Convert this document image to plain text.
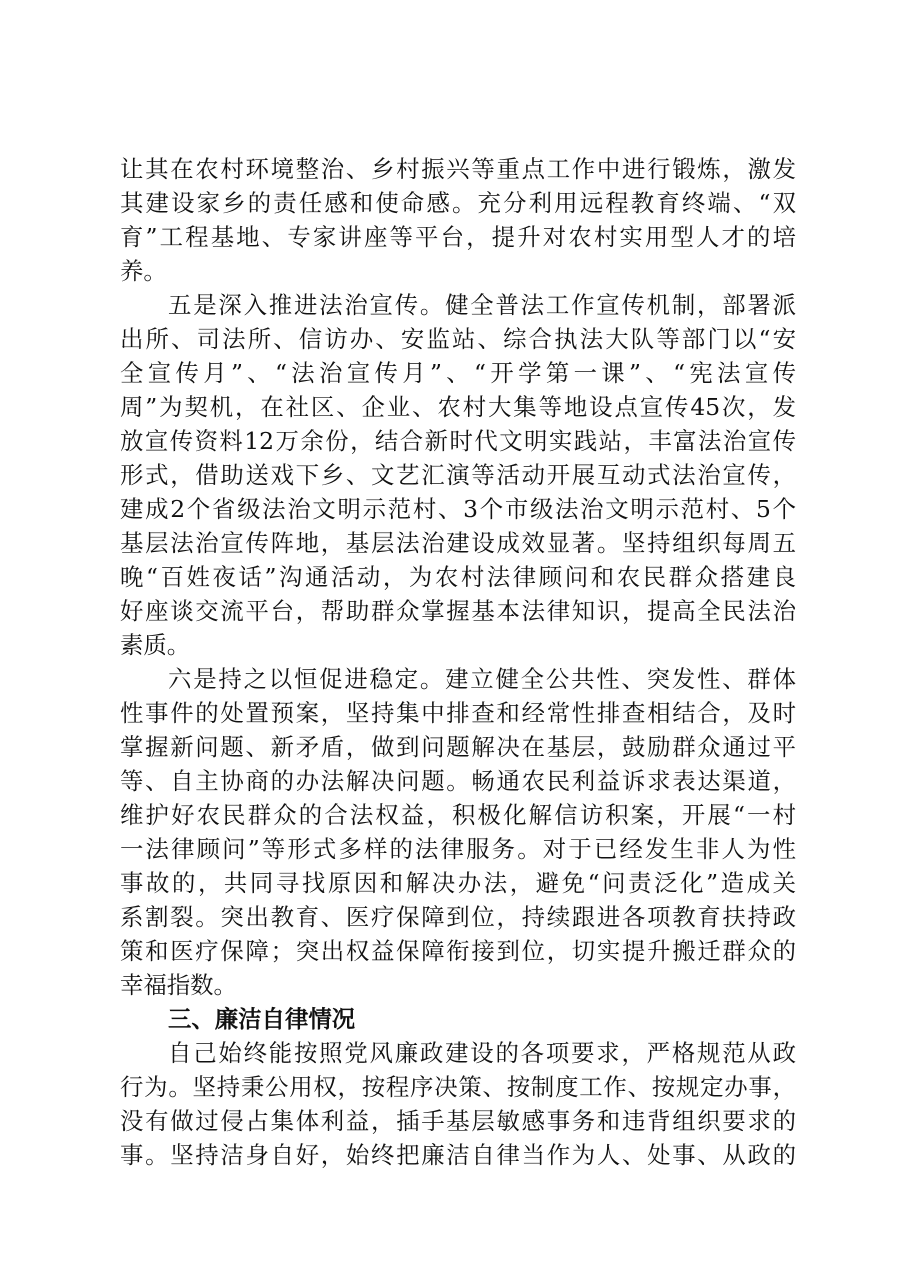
让其在农村环境整治、乡村振兴等重点工作中进行锻炼，激发
其建设家乡的责任感和使命感。充分利用远程教育终端、“双
育”工程基地、专家讲座等平台，提升对农村实用型人才的培
养。
五是深入推进法治宣传。健全普法工作宣传机制，部署派
出所、司法所、信访办、安监站、综合执法大队等部门以“安
全宣传月”、“法治宣传月”、“开学第一课”、“宪法宣传
周”为契机，在社区、企业、农村大集等地设点宣传45次，发
放宣传资料12万余份，结合新时代文明实践站，丰富法治宣传
形式，借助送戏下乡、文艺汇演等活动开展互动式法治宣传，
建成2个省级法治文明示范村、3个市级法治文明示范村、5个
基层法治宣传阵地，基层法治建设成效显著。坚持组织每周五
晚“百姓夜话”沟通活动，为农村法律顾问和农民群众搭建良
好座谈交流平台，帮助群众掌握基本法律知识，提高全民法治
素质。
六是持之以恒促进稳定。建立健全公共性、突发性、群体
性事件的处置预案，坚持集中排查和经常性排查相结合，及时
掌握新问题、新矛盾，做到问题解决在基层，鼓励群众通过平
等、自主协商的办法解决问题。畅通农民利益诉求表达渠道，
维护好农民群众的合法权益，积极化解信访积案，开展“一村
一法律顾问”等形式多样的法律服务。对于已经发生非人为性
事故的，共同寻找原因和解决办法，避免“问责泛化”造成关
系割裂。突出教育、医疗保障到位，持续跟进各项教育扶持政
策和医疗保障；突出权益保障衔接到位，切实提升搬迁群众的
幸福指数。
三、廉洁自律情况
自己始终能按照党风廉政建设的各项要求，严格规范从政
行为。坚持秉公用权，按程序决策、按制度工作、按规定办事，
没有做过侵占集体利益，插手基层敏感事务和违背组织要求的
事。坚持洁身自好，始终把廉洁自律当作为人、处事、从政的
